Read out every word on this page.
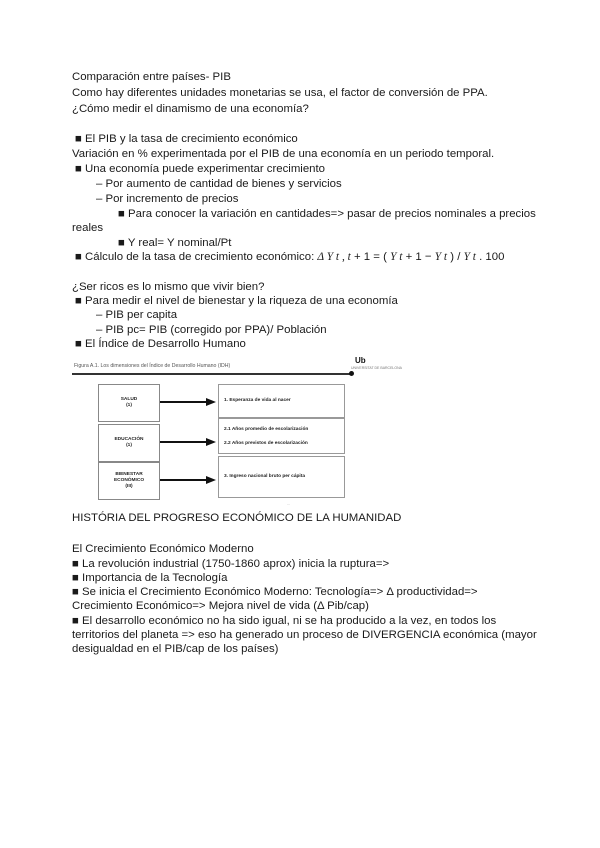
Comparación entre países- PIB
Como hay diferentes unidades monetarias se usa, el factor de conversión de PPA.
¿Cómo medir el dinamismo de una economía?
■ El PIB y la tasa de crecimiento económico
Variación en % experimentada por el PIB de una economía en un periodo temporal.
■ Una economía puede experimentar crecimiento
– Por aumento de cantidad de bienes y servicios
– Por incremento de precios
■ Para conocer la variación en cantidades=> pasar de precios nominales a precios
reales
■ Y real= Y nominal/Pt
■ Cálculo de la tasa de crecimiento económico: Δ Y t , t + 1 = ( Y t + 1 − Y t ) / Y t . 100
¿Ser ricos es lo mismo que vivir bien?
■ Para medir el nivel de bienestar y la riqueza de una economía
– PIB per capita
– PIB pc= PIB (corregido por PPA)/ Población
■ El Índice de Desarrollo Humano
Figura A.1. Los dimensiones del Índice de Desarrollo Humano (IDH)
Ub
UNIVERSITAT DE BARCELONA
SALUD
(1)
EDUCACIÓN
(1)
BIENESTAR ECONÓMICO
(III)
1. Esperanza de vida al nacer
2.1 Años promedio de escolarización
2.2 Años previstos de escolarización
3. Ingreso nacional bruto per cápita
...
HISTÓRIA DEL PROGRESO ECONÓMICO DE LA HUMANIDAD
El Crecimiento Económico Moderno
■ La revolución industrial (1750-1860 aprox) inicia la ruptura=>
■ Importancia de la Tecnología
■ Se inicia el Crecimiento Económico Moderno: Tecnología=> Δ productividad=>
Crecimiento Económico=> Mejora nivel de vida (Δ Pib/cap)
■ El desarrollo económico no ha sido igual, ni se ha producido a la vez, en todos los
territorios del planeta => eso ha generado un proceso de DIVERGENCIA económica (mayor
desigualdad en el PIB/cap de los países)
